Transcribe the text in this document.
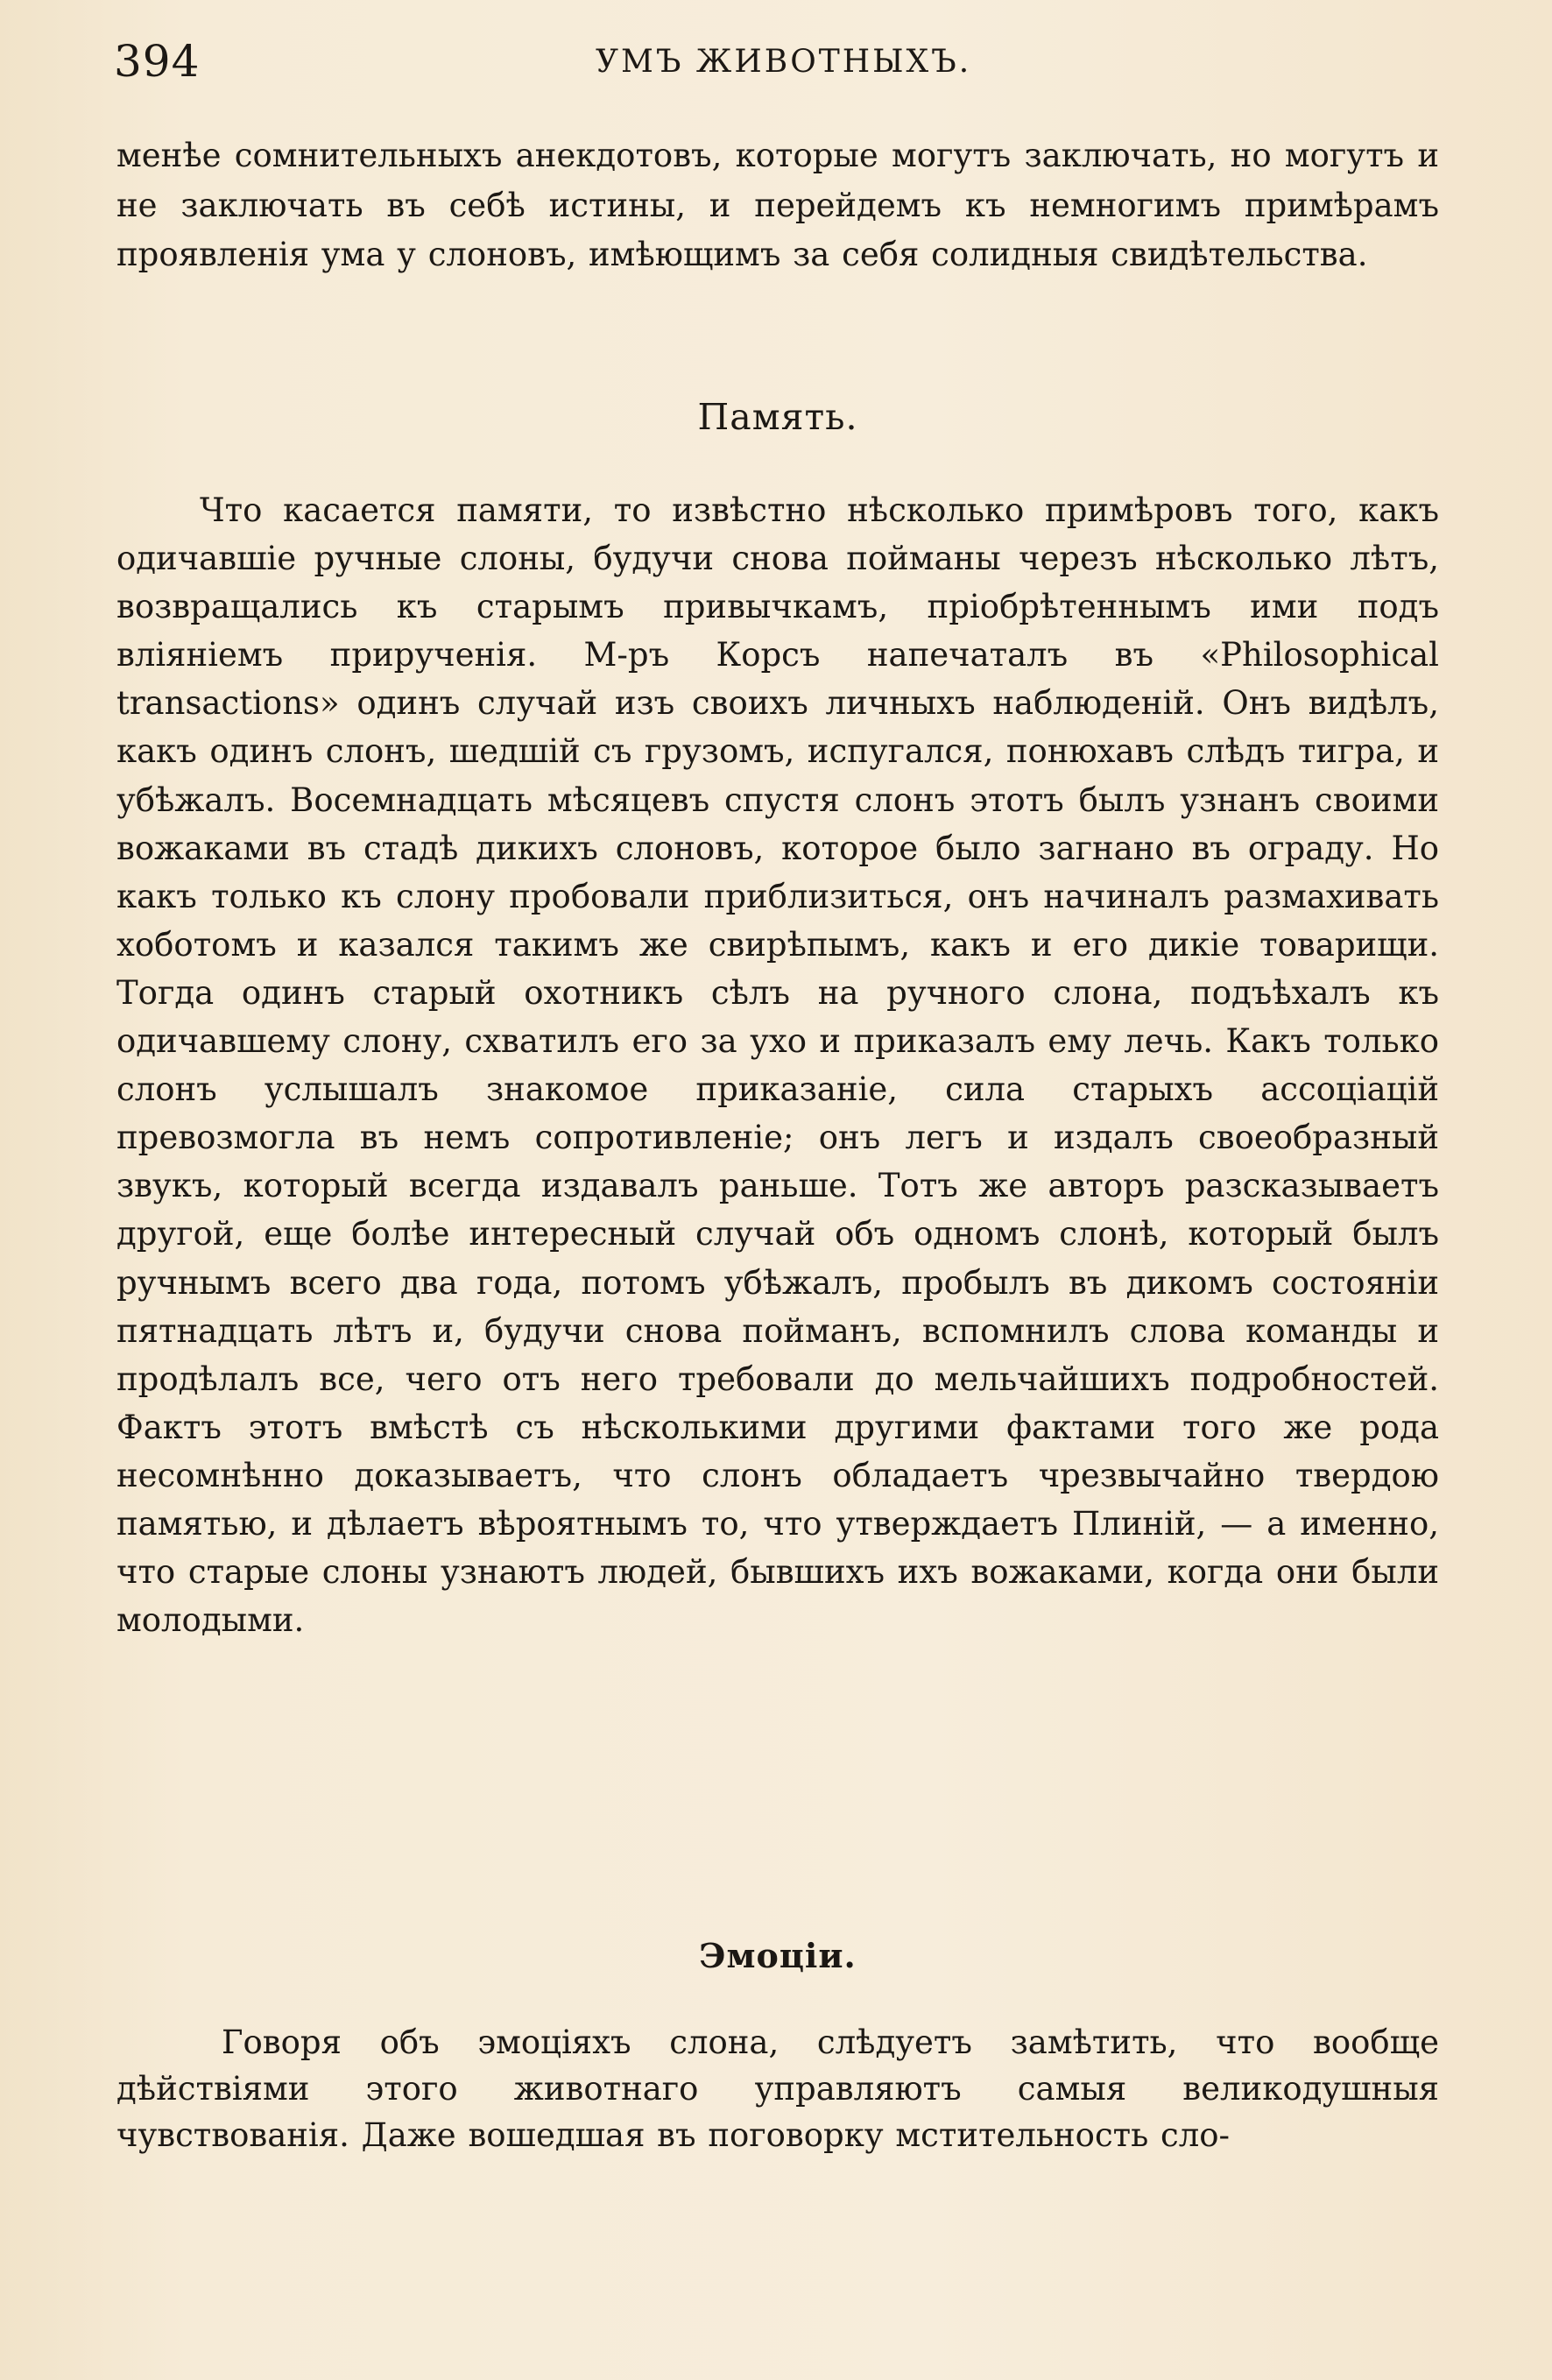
394	УМЪ ЖИВОТНЫХЪ.

менѣе сомнительныхъ анекдотовъ, которые могутъ заключать, но могутъ и не заключать въ себѣ истины, и перейдемъ къ немногимъ примѣрамъ проявленія ума у слоновъ, имѣющимъ за себя солидныя свидѣтельства.

Память.

Что касается памяти, то извѣстно нѣсколько примѣровъ того, какъ одичавшіе ручные слоны, будучи снова пойманы черезъ нѣсколько лѣтъ, возвращались къ старымъ привычкамъ, пріобрѣтеннымъ ими подъ вліяніемъ прирученія. М-ръ Корсъ напечаталъ въ «Philosophical transactions» одинъ случай изъ своихъ личныхъ наблюденій. Онъ видѣлъ, какъ одинъ слонъ, шедшій съ грузомъ, испугался, понюхавъ слѣдъ тигра, и убѣжалъ. Восемнадцать мѣсяцевъ спустя слонъ этотъ былъ узнанъ своими вожаками въ стадѣ дикихъ слоновъ, которое было загнано въ ограду. Но какъ только къ слону пробовали приблизиться, онъ начиналъ размахивать хоботомъ и казался такимъ же свирѣпымъ, какъ и его дикіе товарищи. Тогда одинъ старый охотникъ сѣлъ на ручного слона, подъѣхалъ къ одичавшему слону, схватилъ его за ухо и приказалъ ему лечь. Какъ только слонъ услышалъ знакомое приказаніе, сила старыхъ ассоціацій превозмогла въ немъ сопротивленіе; онъ легъ и издалъ своеобразный звукъ, который всегда издавалъ раньше. Тотъ же авторъ разсказываетъ другой, еще болѣе интересный случай объ одномъ слонѣ, который былъ ручнымъ всего два года, потомъ убѣжалъ, пробылъ въ дикомъ состояніи пятнадцать лѣтъ и, будучи снова пойманъ, вспомнилъ слова команды и продѣлалъ все, чего отъ него требовали до мельчайшихъ подробностей. Фактъ этотъ вмѣстѣ съ нѣсколькими другими фактами того же рода несомнѣнно доказываетъ, что слонъ обладаетъ чрезвычайно твердою памятью, и дѣлаетъ вѣроятнымъ то, что утверждаетъ Плиній, — а именно, что старые слоны узнаютъ людей, бывшихъ ихъ вожаками, когда они были молодыми.

Эмоціи.

Говоря объ эмоціяхъ слона, слѣдуетъ замѣтить, что вообще дѣйствіями этого животнаго управляютъ самыя великодушныя чувствованія. Даже вошедшая въ поговорку мстительность сло-
